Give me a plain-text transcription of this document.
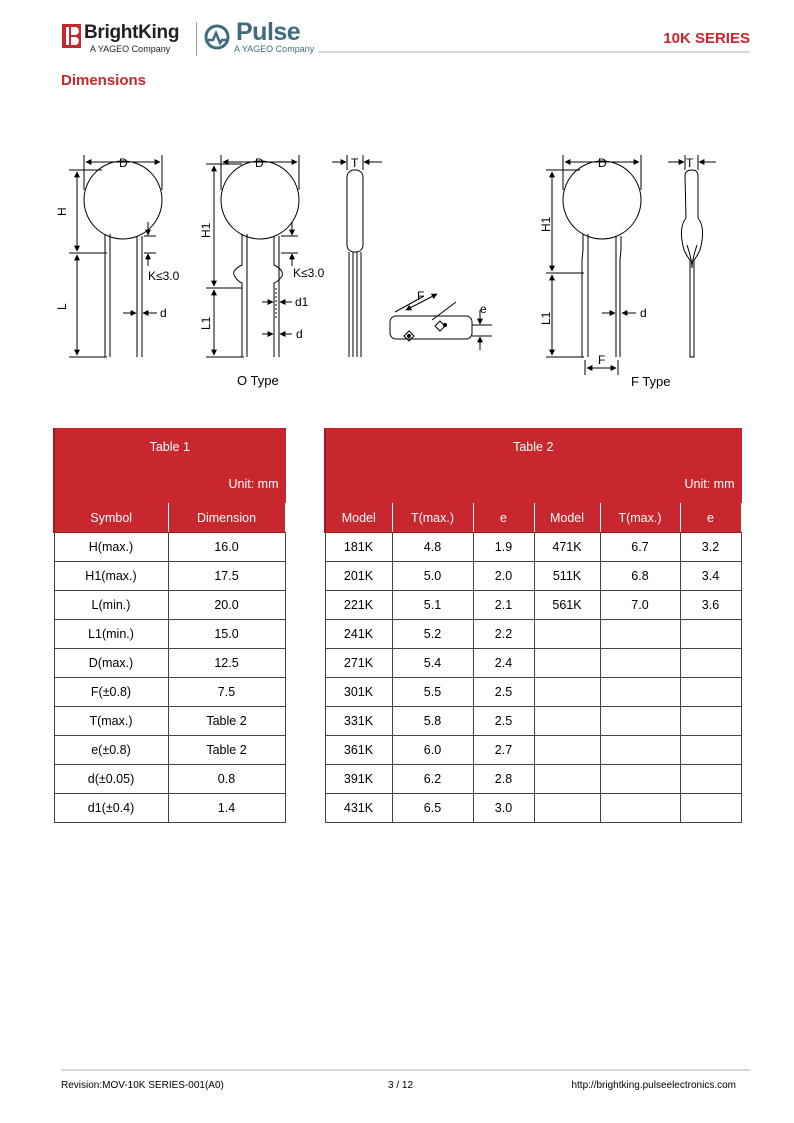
BrightKing
A YAGEO Company
Pulse
A YAGEO Company
10K SERIES
Dimensions
D
H
L
K≤3.0
d
D
H1
L1
K≤3.0
d1
d
T
F
e
D
H1
L1
F
d
T
O Type	F Type
Table 1	
Unit: mm	
Symbol	Dimension
H(max.)	16.0
H1(max.)	17.5
L(min.)	20.0
L1(min.)	15.0
D(max.)	12.5
F(±0.8)	7.5
T(max.)	Table 2
e(±0.8)	Table 2
d(±0.05)	0.8
d1(±0.4)	1.4
Table 2					
Unit: mm					
Model	T(max.)	e	Model	T(max.)	e
181K	4.8	1.9	471K	6.7	3.2
201K	5.0	2.0	511K	6.8	3.4
221K	5.1	2.1	561K	7.0	3.6
241K	5.2	2.2			
271K	5.4	2.4			
301K	5.5	2.5			
331K	5.8	2.5			
361K	6.0	2.7			
391K	6.2	2.8			
431K	6.5	3.0			
Revision:MOV-10K SERIES-001(A0)	3 / 12	http://brightking.pulseelectronics.com
